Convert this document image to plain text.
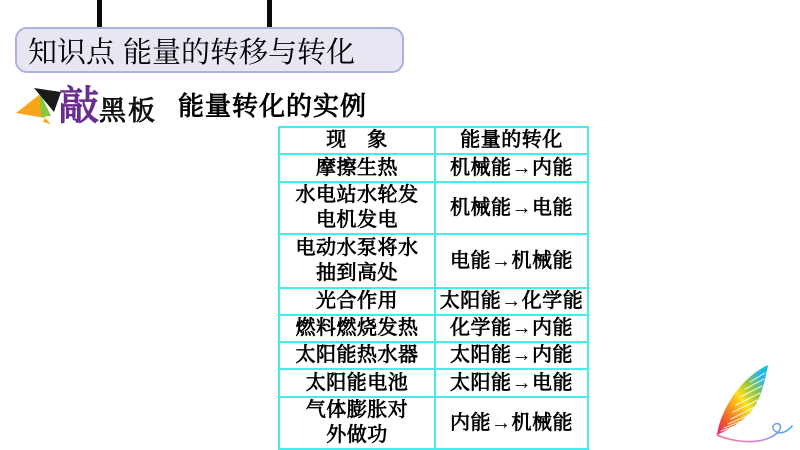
知识点 能量的转移与转化
敲 黑板 能量转化的实例
现　象	能量的转化
摩擦生热	机械能→内能
水电站水轮发
电机发电	机械能→电能
电动水泵将水
抽到高处	电能→机械能
光合作用	太阳能→化学能
燃料燃烧发热	化学能→内能
太阳能热水器	太阳能→内能
太阳能电池	太阳能→电能
气体膨胀对
外做功	内能→机械能
